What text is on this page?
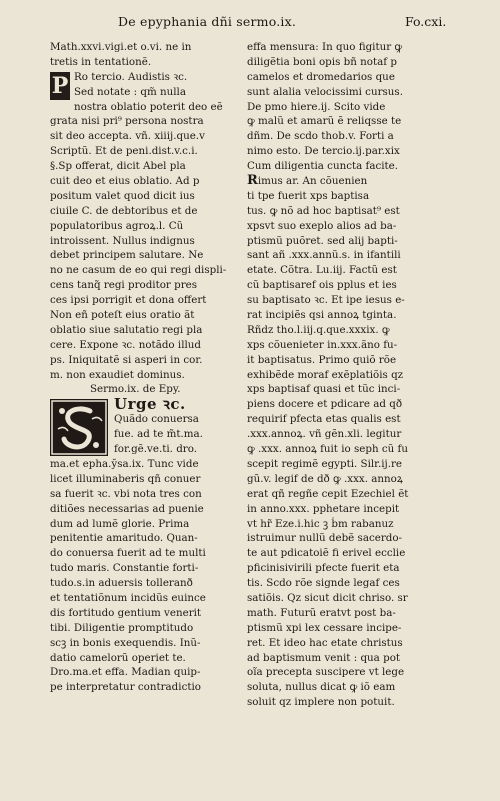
De epyphania dñi sermo.ix.	Fo.cxi.
Math.xxvi.vigi.et o.vi. ne in
tretis in tentationẽ.
P Ro tercio. Audistis ꝛc.
Sed notate : qm̃ nulla
nostra oblatio poterit deo eẽ
grata nisi pri⁹ persona nostra
sit deo accepta. vñ. xiiij.que.v
Scriptũ. Et de peni.dist.v.c.i.
§.Sp offerat, dicit Abel pla
cuit deo et eius oblatio. Ad p
positum valet quod dicit ius
ciuile C. de debtoribus et de
populatoribus agroꝝ.l. Cũ
introissent. Nullus indignus
debet principem salutare. Ne
no ne casum de eo qui regi displi-
cens tanq̃ regi proditor pres
ces ipsi porrigit et dona offert
Non eñ poteſt eius oratio ãt
oblatio siue salutatio regi pla
cere. Expone ꝛc. notãdo illud
ps. Iniquitatẽ si asperi in cor.
m. non exaudiet dominus.
Sermo.ix. de Epy.
Urge ꝛc.
Quãdo conuersa
fue. ad te m̃t.ma.
for.gẽ.ve.ti. dro.
ma.et epha.y̆sa.ix. Tunc vide
licet illuminaberis qñ conuer
sa fuerit ꝛc. vbi nota tres con
ditiões necessarias ad puenie
dum ad lumẽ glorie. Prima
penitentie amaritudo. Quan-
do conuersa fuerit ad te multi
tudo maris. Constantie forti-
tudo.s.in aduersis tolleranð
et tentatiõnum incidũs euince
dis fortitudo gentium venerit
tibi. Diligentie promptitudo
scꝫ in bonis exequendis. Inũ-
datio camelorũ operiet te.
Dro.ma.et effa. Madian quip-
pe interpretatur contradictio
effa mensura: In quo figitur ꝙ
diligẽtia boni opis bñ notaf p
camelos et dromedarios que
sunt alalia velocissimi cursus.
De pmo hiere.ij. Scito vide
ꝙ malũ et amarũ ẽ reliqsse te
dñm. De scdo thob.v. Forti a
nimo esto. De tercio.ij.par.xix
Cum diligentia cuncta facite.
Rimus ar. An cõuenien
ti tpe fuerit xps baptisa
tus. ꝙ nõ ad hoc baptisat⁹ est
xpsvt suo exeplo alios ad ba-
ptismũ puõret. sed alij bapti-
sant añ .xxx.annũ.s. in ifantili
etate. Cõtra. Lu.iij. Factũ est
cũ baptisaref ois pplus et ies
su baptisato ꝛc. Et ipe iesus e-
rat incipiẽs qsi annoꝝ tginta.
Rñdz tho.l.iij.q.que.xxxix. ꝙ
xps cõuenieter in.xxx.ãno fu-
it baptisatus. Primo quiõ rõe
exhibẽde moraf exẽplatiõis qz
xps baptisaf quasi et tũc inci-
piens docere et pdicare ad qð
requirif pfecta etas qualis est
.xxx.annoꝝ. vñ gẽn.xli. legitur
ꝙ .xxx. annoꝝ fuit io seph cũ fu
scepit regimẽ egypti. Silr.ij.re
gũ.v. legif de dð ꝙ .xxx. annoꝝ
erat qñ regñe cepit Ezechiel ẽt
in anno.xxx. pphetare incepit
vt hr̃ Eze.i.hic ꝫ ḃm rabanuz
istruimur nullũ debẽ sacerdo-
te aut pdicatoiẽ fi erivel ecclie
pficinisivirili pfecte fuerit eta
tis. Scdo rõe signde legaf ces
satiõis. Qz sicut dicit chriso. sr
math. Futurũ eratvt post ba-
ptismũ xpi lex cessare incipe-
ret. Et ideo hac etate christus
ad baptismum venit : qua pot
oĩa precepta suscipere vt lege
soluta, nullus dicat ꝙ iõ eam
soluit qz implere non potuit.
